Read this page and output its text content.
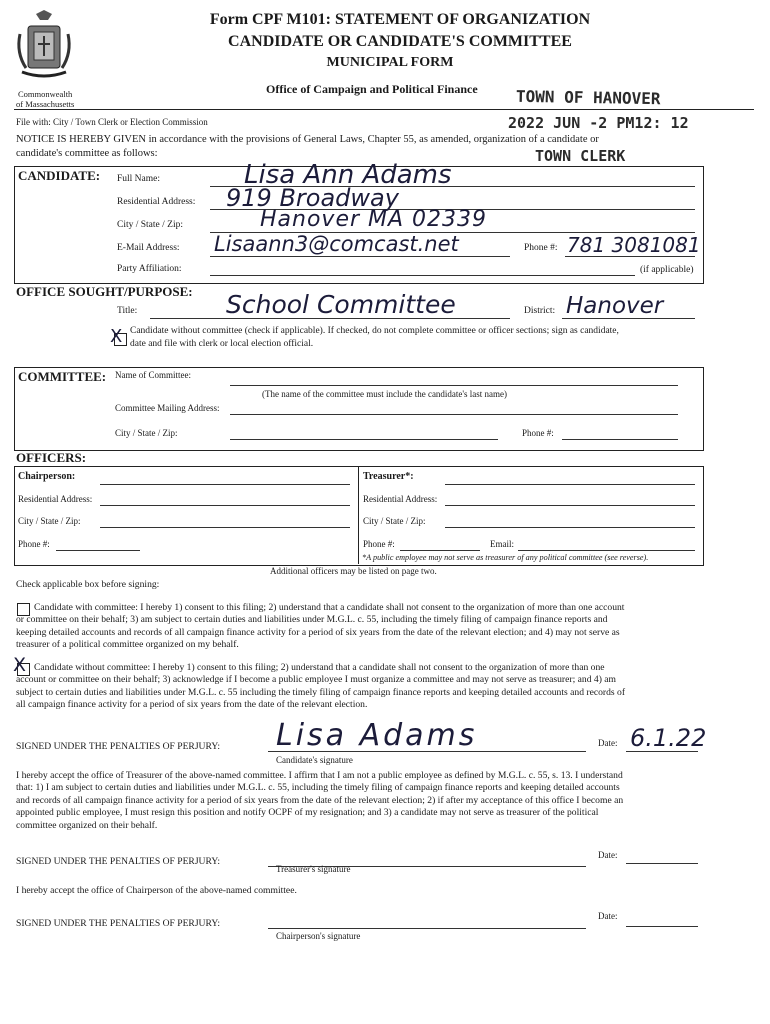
Commonwealth
of Massachusetts
Form CPF M101: STATEMENT OF ORGANIZATION
CANDIDATE OR CANDIDATE'S COMMITTEE
MUNICIPAL FORM
Office of Campaign and Political Finance TOWN OF HANOVER
File with: City / Town Clerk or Election Commission	2022 JUN -2 PM12: 12
NOTICE IS HEREBY GIVEN in accordance with the provisions of General Laws, Chapter 55, as amended, organization of a candidate or
candidate's committee as follows:	TOWN CLERK
CANDIDATE: Full Name:	Lisa Ann Adams
Residential Address: 919 Broadway
City / State / Zip:	Hanover MA 02339
E-Mail Address: Lisaann3@comcast.net	Phone #: 781 3081081
Party Affiliation:	(if applicable)
OFFICE SOUGHT/PURPOSE:
Title:	School Committee	District: Hanover
X Candidate without committee (check if applicable). If checked, do not complete committee or officer sections; sign as candidate,
date and file with clerk or local election official.
COMMITTEE: Name of Committee:
(The name of the committee must include the candidate's last name)
Committee Mailing Address:
City / State / Zip:	Phone #:
OFFICERS:
Chairperson:
Residential Address:
City / State / Zip:
Phone #:
Treasurer*:
Residential Address:
City / State / Zip:
Phone #:	Email:
*A public employee may not serve as treasurer of any political committee (see reverse).
Additional officers may be listed on page two.
Check applicable box before signing:
Candidate with committee: I hereby 1) consent to this filing; 2) understand that a candidate shall not consent to the organization of more than one account
or committee on their behalf; 3) am subject to certain duties and liabilities under M.G.L. c. 55, including the timely filing of campaign finance reports and
keeping detailed accounts and records of all campaign finance activity for a period of six years from the date of the relevant election; and 4) may not serve as
treasurer of a political committee organized on my behalf.
X Candidate without committee: I hereby 1) consent to this filing; 2) understand that a candidate shall not consent to the organization of more than one
account or committee on their behalf; 3) acknowledge if I become a public employee I must organize a committee and may not serve as treasurer; and 4) am
subject to certain duties and liabilities under M.G.L. c. 55 including the timely filing of campaign finance reports and keeping detailed accounts and records of
all campaign finance activity for a period of six years from the date of the relevant election.
SIGNED UNDER THE PENALTIES OF PERJURY: Lisa Adams
Candidate's signature
Date: 6.1.22
I hereby accept the office of Treasurer of the above-named committee. I affirm that I am not a public employee as defined by M.G.L. c. 55, s. 13. I understand
that: 1) I am subject to certain duties and liabilities under M.G.L. c. 55, including the timely filing of campaign finance reports and keeping detailed accounts
and records of all campaign finance activity for a period of six years from the date of the relevant election; 2) if after my acceptance of this office I become an
appointed public employee, I must resign this position and notify OCPF of my resignation; and 3) a candidate may not serve as treasurer of the political
committee organized on their behalf.
SIGNED UNDER THE PENALTIES OF PERJURY:
Treasurer's signature
Date:
I hereby accept the office of Chairperson of the above-named committee.
SIGNED UNDER THE PENALTIES OF PERJURY:
Chairperson's signature
Date:
